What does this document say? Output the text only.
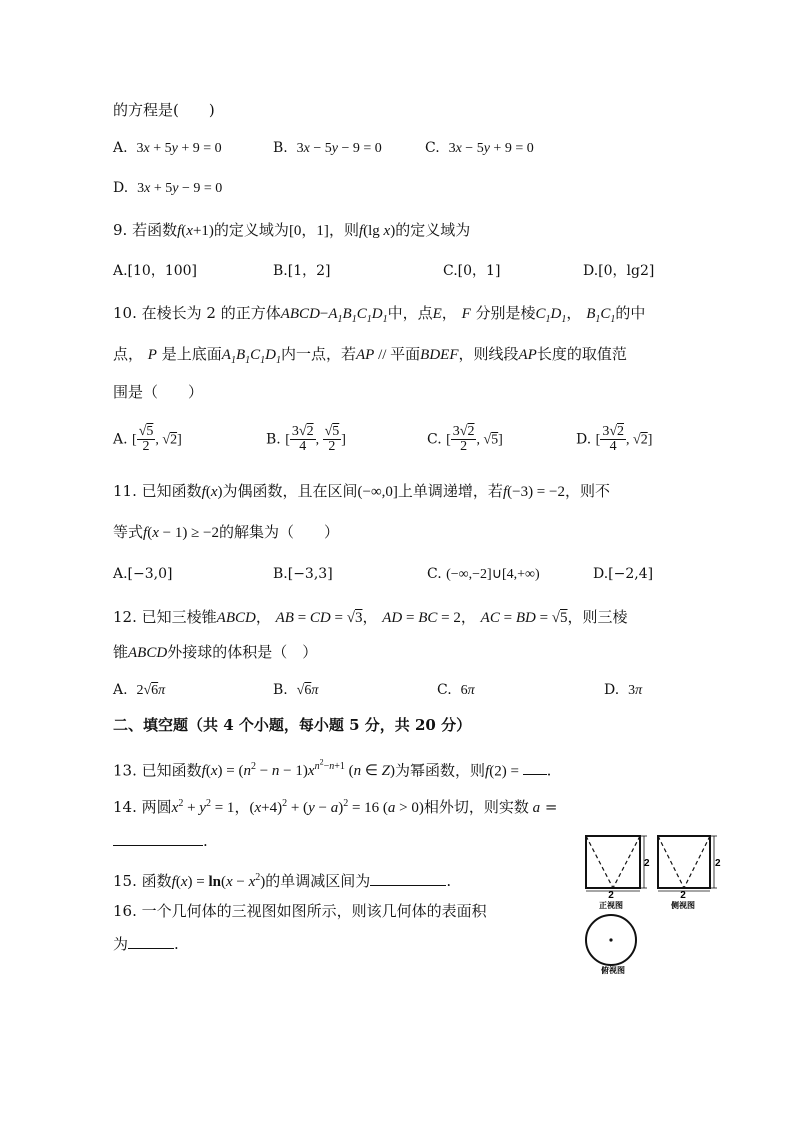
的方程是(　　)
A. 3x + 5y + 9 = 0	B. 3x − 5y − 9 = 0	C. 3x − 5y + 9 = 0
D. 3x + 5y − 9 = 0
9. 若函数f(x+1)的定义域为[0，1]，则f(lg x)的定义域为
A.[10，100]	B.[1，2]	C.[0，1]	D.[0，lg2]
10. 在棱长为 2 的正方体$ABCD-A_1B_1C_1D_1$中，点E， F 分别是棱$C_1D_1$， $B_1C_1$的中
点， P 是上底面$A_1B_1C_1D_1$内一点，若AP // 平面BDEF，则线段AP长度的取值范
围是（　　）
A. [ $\frac{√5}{2}$ , √2]	B. [ $\frac{3√2}{4}$ , $\frac{√5}{2}$ ]	C. [ $\frac{3√2}{2}$ , √5]	D. [ $\frac{3√2}{4}$ , √2]
11. 已知函数f(x)为偶函数，且在区间(−∞,0]上单调递增，若f(−3) = −2，则不
等式f(x − 1) ≥ −2的解集为（　　）
A.[−3,0]	B.[−3,3]	C. (−∞,−2]∪[4,+∞)	D.[−2,4]
12. 已知三棱锥ABCD， AB = CD = √3， AD = BC = 2， AC = BD = √5，则三棱
锥ABCD外接球的体积是（　）
A. 2√6π	B. √6π	C. 6π	D. 3π
二、填空题（共 4 个小题，每小题 5 分，共 20 分）
13. 已知函数$f(x) = (n^2 - n - 1)x^{n^2-n+1}$ (n ∈ Z)为幂函数，则f(2) = .
14. 两圆$x^2 + y^2 = 1$，$(x+4)^2 + (y - a)^2 = 16$ (a > 0)相外切，则实数 a =
.
15. 函数$f(x) = \ln(x - x^2)$的单调减区间为	.
16. 一个几何体的三视图如图所示，则该几何体的表面积
为	.
2
2
正视图
2
2
侧视图
俯视图
